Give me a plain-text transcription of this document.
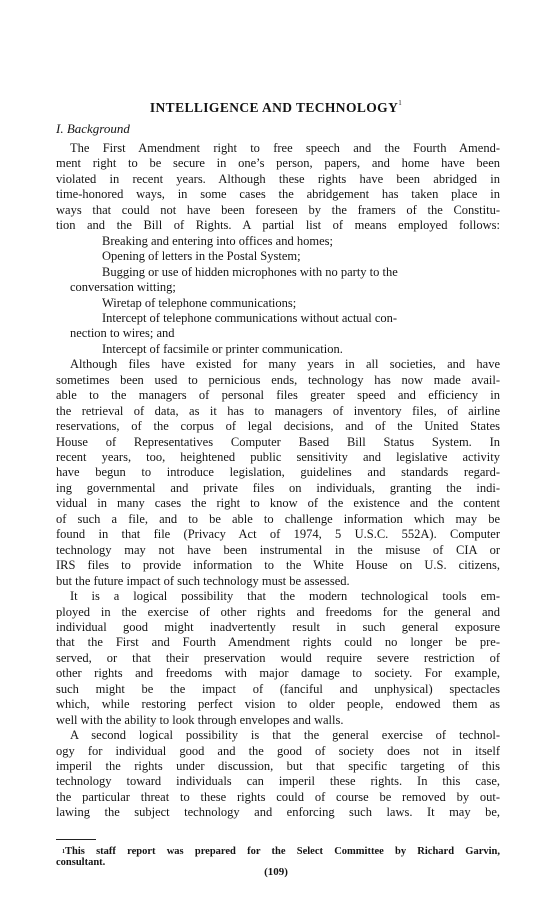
INTELLIGENCE AND TECHNOLOGY$^1$
I. Background
The First Amendment right to free speech and the Fourth Amend-
ment right to be secure in one’s person, papers, and home have been
violated in recent years. Although these rights have been abridged in
time-honored ways, in some cases the abridgement has taken place in
ways that could not have been foreseen by the framers of the Constitu-
tion and the Bill of Rights. A partial list of means employed follows:
Breaking and entering into offices and homes;
Opening of letters in the Postal System;
Bugging or use of hidden microphones with no party to the
conversation witting;
Wiretap of telephone communications;
Intercept of telephone communications without actual con-
nection to wires; and
Intercept of facsimile or printer communication.
Although files have existed for many years in all societies, and have
sometimes been used to pernicious ends, technology has now made avail-
able to the managers of personal files greater speed and efficiency in
the retrieval of data, as it has to managers of inventory files, of airline
reservations, of the corpus of legal decisions, and of the United States
House of Representatives Computer Based Bill Status System. In
recent years, too, heightened public sensitivity and legislative activity
have begun to introduce legislation, guidelines and standards regard-
ing governmental and private files on individuals, granting the indi-
vidual in many cases the right to know of the existence and the content
of such a file, and to be able to challenge information which may be
found in that file (Privacy Act of 1974, 5 U.S.C. 552A). Computer
technology may not have been instrumental in the misuse of CIA or
IRS files to provide information to the White House on U.S. citizens,
but the future impact of such technology must be assessed.
It is a logical possibility that the modern technological tools em-
ployed in the exercise of other rights and freedoms for the general and
individual good might inadvertently result in such general exposure
that the First and Fourth Amendment rights could no longer be pre-
served, or that their preservation would require severe restriction of
other rights and freedoms with major damage to society. For example,
such might be the impact of (fanciful and unphysical) spectacles
which, while restoring perfect vision to older people, endowed them as
well with the ability to look through envelopes and walls.
A second logical possibility is that the general exercise of technol-
ogy for individual good and the good of society does not in itself
imperil the rights under discussion, but that specific targeting of this
technology toward individuals can imperil these rights. In this case,
the particular threat to these rights could of course be removed by out-
lawing the subject technology and enforcing such laws. It may be,
$^1$This staff report was prepared for the Select Committee by Richard Garvin,
consultant.
(109)
